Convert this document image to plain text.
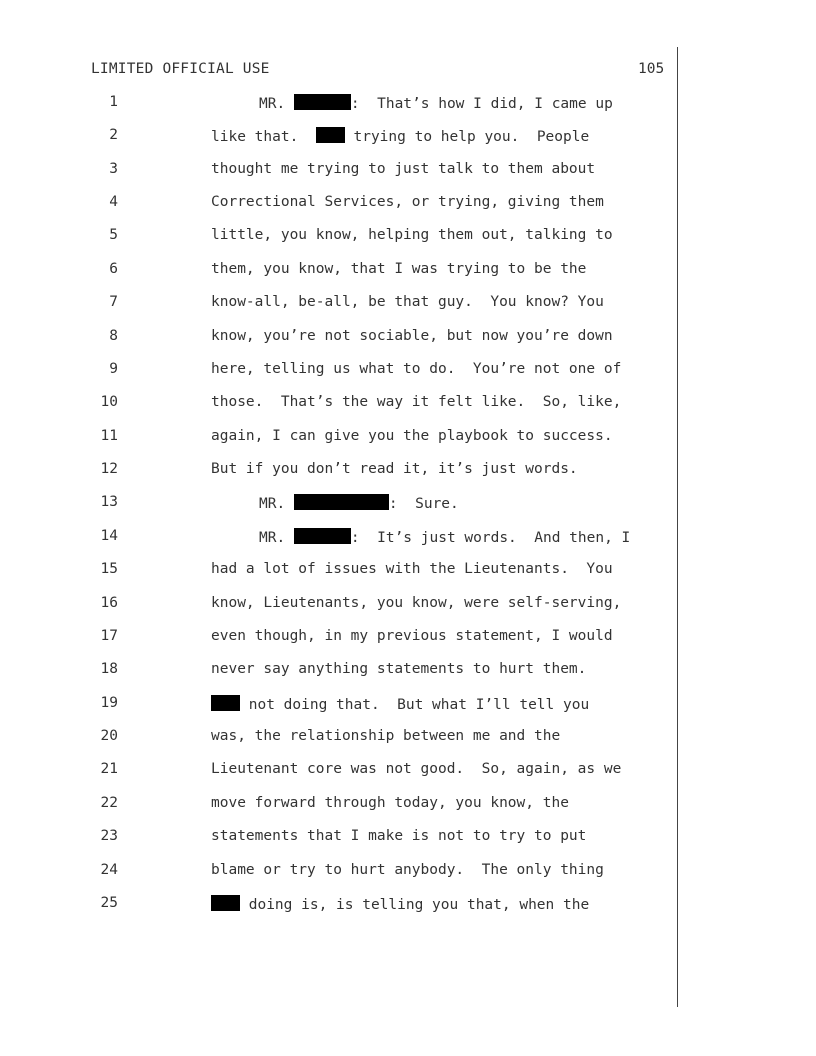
LIMITED OFFICIAL USE	105
1	MR.	:  That’s how I did, I came up
2	like that.   trying to help you.  People
3	thought me trying to just talk to them about
4	Correctional Services, or trying, giving them
5	little, you know, helping them out, talking to
6	them, you know, that I was trying to be the
7	know-all, be-all, be that guy.  You know? You
8	know, you’re not sociable, but now you’re down
9	here, telling us what to do.  You’re not one of
10	those.  That’s the way it felt like.  So, like,
11	again, I can give you the playbook to success.
12	But if you don’t read it, it’s just words.
13	MR.	:  Sure.
14	MR.	:  It’s just words.  And then, I
15	had a lot of issues with the Lieutenants.  You
16	know, Lieutenants, you know, were self-serving,
17	even though, in my previous statement, I would
18	never say anything statements to hurt them.
19	not doing that.  But what I’ll tell you
20	was, the relationship between me and the
21	Lieutenant core was not good.  So, again, as we
22	move forward through today, you know, the
23	statements that I make is not to try to put
24	blame or try to hurt anybody.  The only thing
25	doing is, is telling you that, when the
